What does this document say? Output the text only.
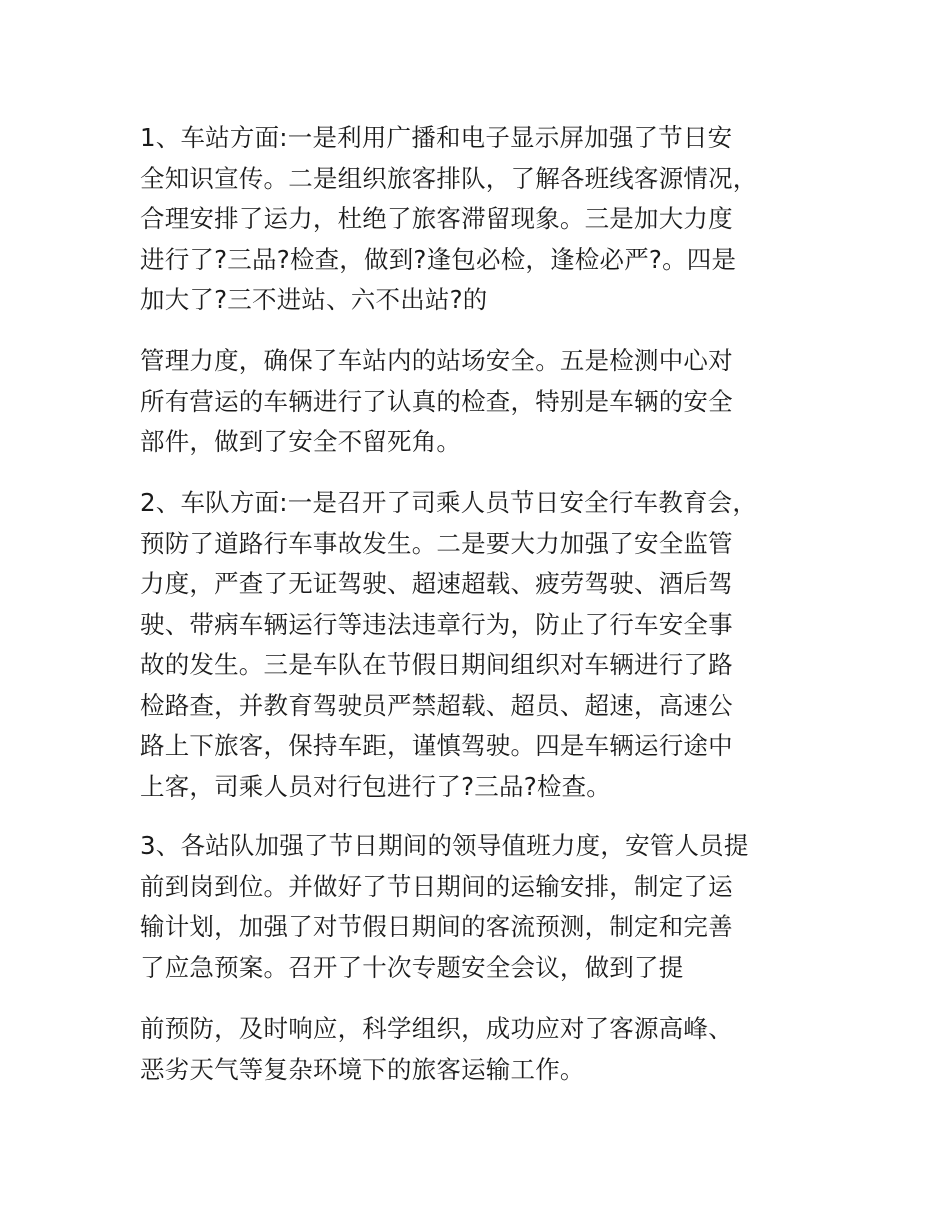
1、车站方面:一是利用广播和电子显示屏加强了节日安
全知识宣传。二是组织旅客排队，了解各班线客源情况，
合理安排了运力，杜绝了旅客滞留现象。三是加大力度
进行了?三品?检查，做到?逢包必检，逢检必严?。四是
加大了?三不进站、六不出站?的
管理力度，确保了车站内的站场安全。五是检测中心对
所有营运的车辆进行了认真的检查，特别是车辆的安全
部件，做到了安全不留死角。
2、车队方面:一是召开了司乘人员节日安全行车教育会，
预防了道路行车事故发生。二是要大力加强了安全监管
力度，严查了无证驾驶、超速超载、疲劳驾驶、酒后驾
驶、带病车辆运行等违法违章行为，防止了行车安全事
故的发生。三是车队在节假日期间组织对车辆进行了路
检路查，并教育驾驶员严禁超载、超员、超速，高速公
路上下旅客，保持车距，谨慎驾驶。四是车辆运行途中
上客，司乘人员对行包进行了?三品?检查。
3、各站队加强了节日期间的领导值班力度，安管人员提
前到岗到位。并做好了节日期间的运输安排，制定了运
输计划，加强了对节假日期间的客流预测，制定和完善
了应急预案。召开了十次专题安全会议，做到了提
前预防，及时响应，科学组织，成功应对了客源高峰、
恶劣天气等复杂环境下的旅客运输工作。
